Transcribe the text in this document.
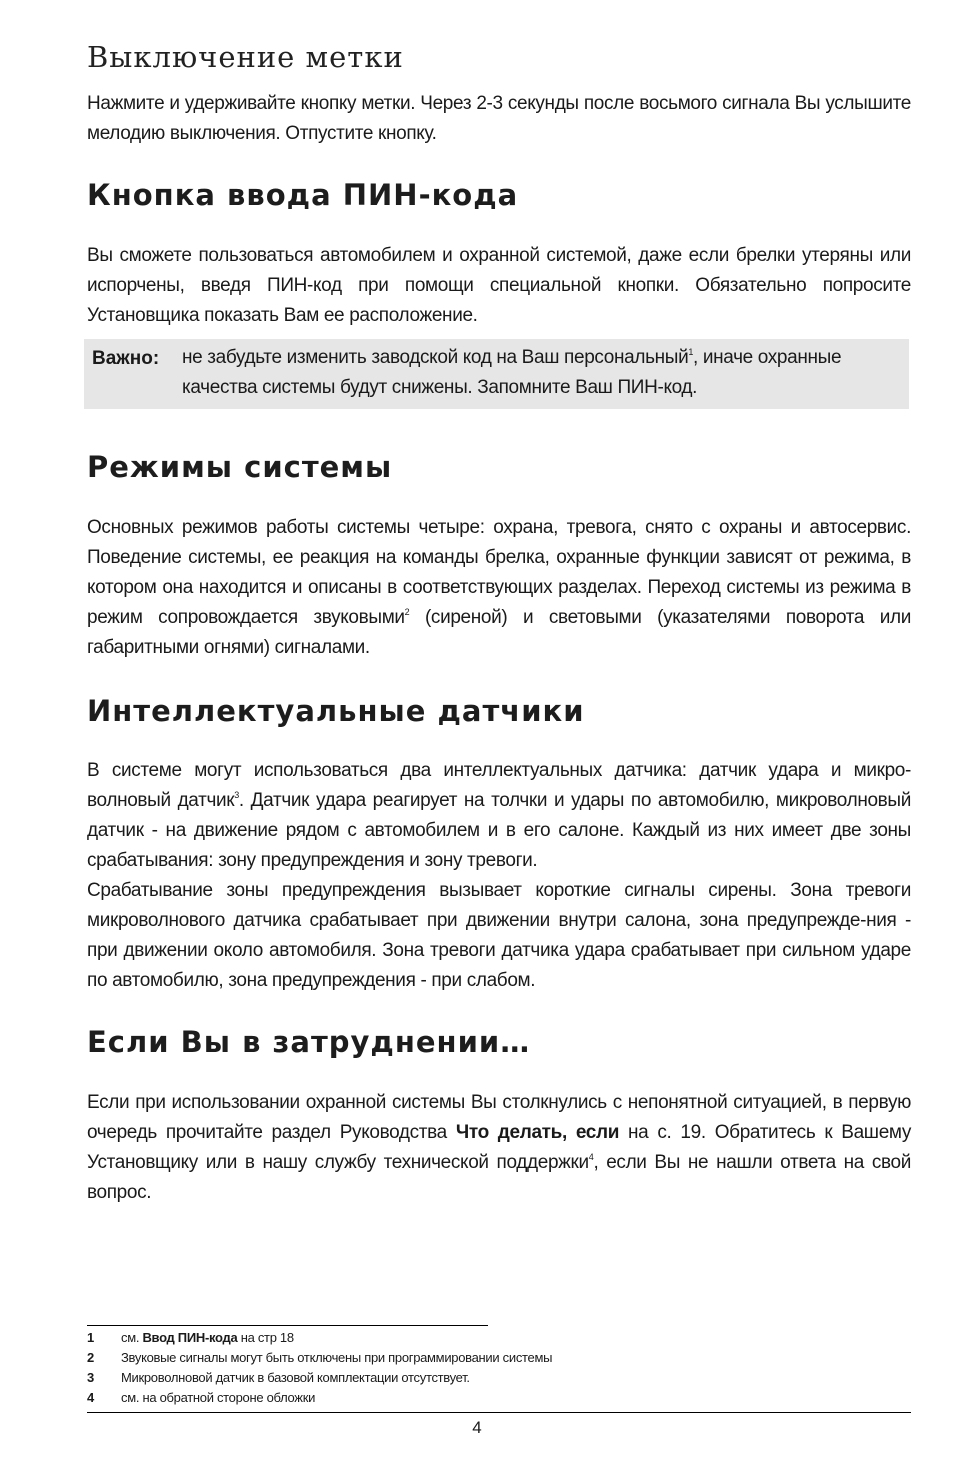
Выключение метки

Нажмите и удерживайте кнопку метки. Через 2-3 секунды после восьмого сигнала Вы услышите мелодию выключения. Отпустите кнопку.

Кнопка ввода ПИН-кода

Вы сможете пользоваться автомобилем и охранной системой, даже если брелки утеряны или испорчены, введя ПИН-код при помощи специальной кнопки. Обязательно попросите Установщика показать Вам ее расположение.

Важно: не забудьте изменить заводской код на Ваш персональный$^1$, иначе охранные качества системы будут снижены. Запомните Ваш ПИН-код.
Режимы системы

Основных режимов работы системы четыре: охрана, тревога, снято с охраны и автосервис. Поведение системы, ее реакция на команды брелка, охранные функции зависят от режима, в котором она находится и описаны в соответствующих разделах. Переход системы из режима в режим сопровождается звуковыми$^2$ (сиреной) и световыми (указателями поворота или габаритными огнями) сигналами.

Интеллектуальные датчики

В системе могут использоваться два интеллектуальных датчика: датчик удара и микро-волновый датчик$^3$. Датчик удара реагирует на толчки и удары по автомобилю, микроволновый датчик - на движение рядом с автомобилем и в его салоне. Каждый из них имеет две зоны срабатывания: зону предупреждения и зону тревоги.

Срабатывание зоны предупреждения вызывает короткие сигналы сирены. Зона тревоги микроволнового датчика срабатывает при движении внутри салона, зона предупрежде-ния - при движении около автомобиля. Зона тревоги датчика удара срабатывает при сильном ударе по автомобилю, зона предупреждения - при слабом.

Если Вы в затруднении…

Если при использовании охранной системы Вы столкнулись с непонятной ситуацией, в первую очередь прочитайте раздел Руководства Что делать, если на с. 19. Обратитесь к Вашему Установщику или в нашу службу технической поддержки$^4$, если Вы не нашли ответа на свой вопрос.

1	см. Ввод ПИН-кода на стр 18
2	Звуковые сигналы могут быть отключены при программировании системы
3	Микроволновой датчик в базовой комплектации отсутствует.
4	см. на обратной стороне обложки
4
